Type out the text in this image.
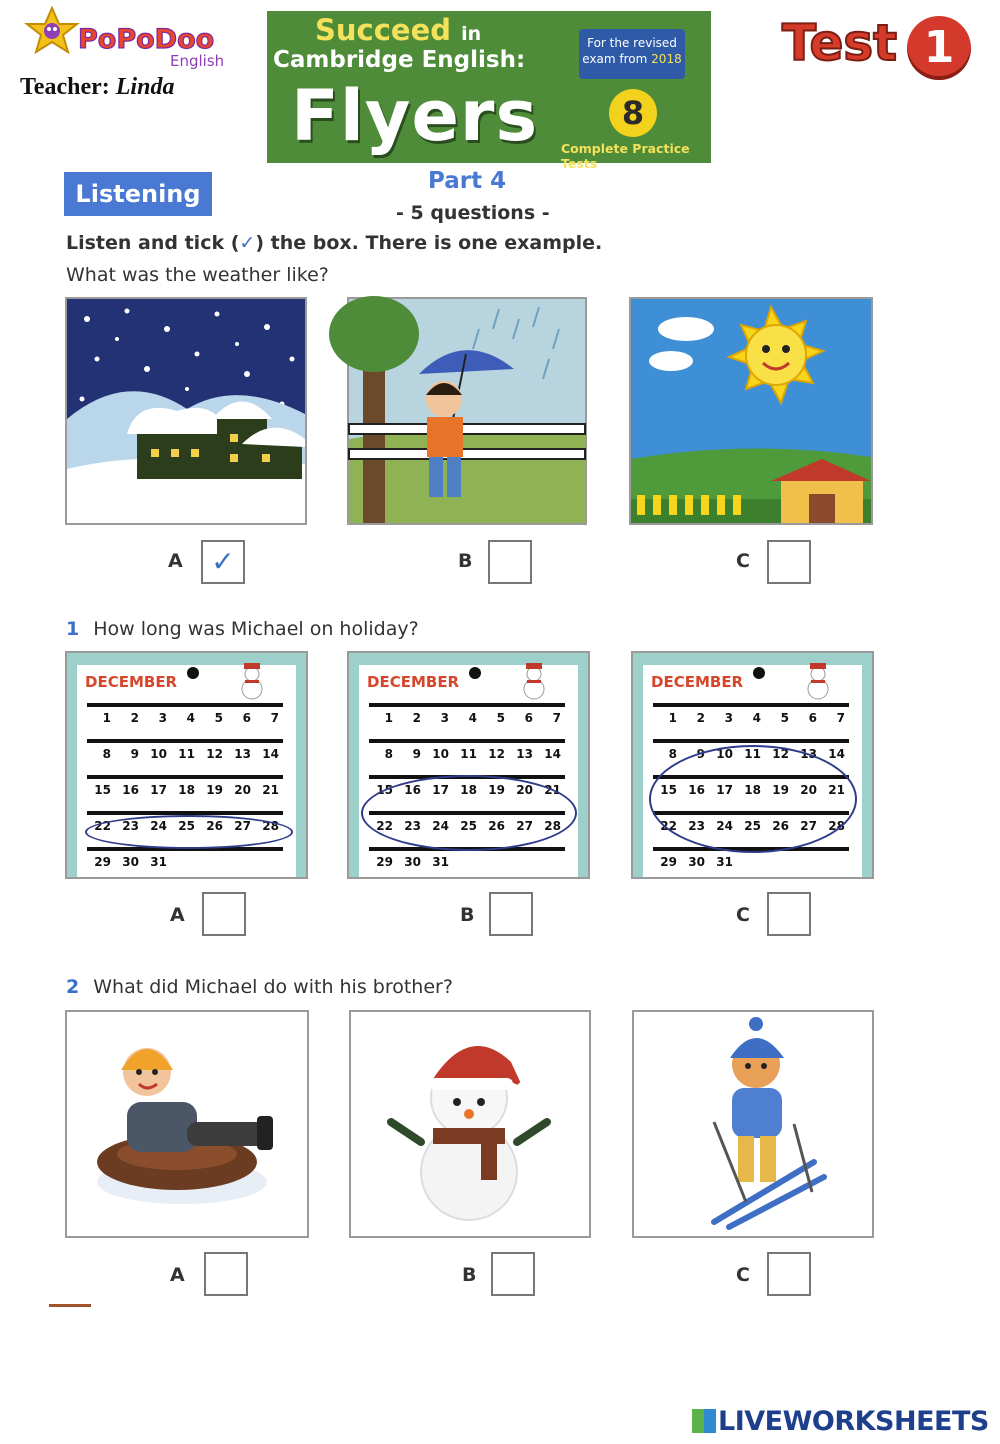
PoPoDoo
English
Teacher: Linda
Succeed in
Cambridge English:
Flyers
For the revised
exam from 2018
8
Complete Practice Tests
Test 1
Listening	Part 4
- 5 questions -
Listen and tick (✓) the box. There is one example.
What was the weather like?
A	✓	B	C
1 How long was Michael on holiday?
DECEMBER
1	2	3	4	5	6	7
8	9 10 11 12 13 14
15 16 17 18 19 20 21
22 23 24 25 26 27 28
29 30 31
DECEMBER
1	2	3	4	5	6	7
8	9 10 11 12 13 14
15 16 17 18 19 20 21
22 23 24 25 26 27 28
29 30 31
DECEMBER
1	2	3	4	5	6	7
8	9 10 11 12 13 14
15 16 17 18 19 20 21
22 23 24 25 26 27 28
29 30 31
A	B	C
2 What did Michael do with his brother?
A	B	C
LIVEWORKSHEETS
